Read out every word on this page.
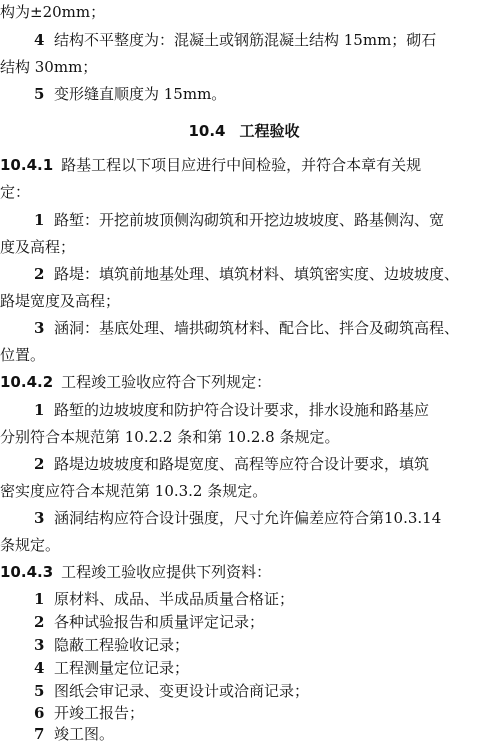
构为±20mm；
4 结构不平整度为：混凝土或钢筋混凝土结构 15mm；砌石
结构 30mm；
5 变形缝直顺度为 15mm。
10.4 工程验收
10.4.1 路基工程以下项目应进行中间检验，并符合本章有关规
定：
1 路堑：开挖前坡顶侧沟砌筑和开挖边坡坡度、路基侧沟、宽
度及高程；
2 路堤：填筑前地基处理、填筑材料、填筑密实度、边坡坡度、
路堤宽度及高程；
3 涵洞：基底处理、墙拱砌筑材料、配合比、拌合及砌筑高程、
位置。
10.4.2 工程竣工验收应符合下列规定：
1 路堑的边坡坡度和防护符合设计要求，排水设施和路基应
分别符合本规范第 10.2.2 条和第 10.2.8 条规定。
2 路堤边坡坡度和路堤宽度、高程等应符合设计要求，填筑
密实度应符合本规范第 10.3.2 条规定。
3 涵洞结构应符合设计强度，尺寸允许偏差应符合第10.3.14
条规定。
10.4.3 工程竣工验收应提供下列资料：
1 原材料、成品、半成品质量合格证；
2 各种试验报告和质量评定记录；
3 隐蔽工程验收记录；
4 工程测量定位记录；
5 图纸会审记录、变更设计或洽商记录；
6 开竣工报告；
7 竣工图。
